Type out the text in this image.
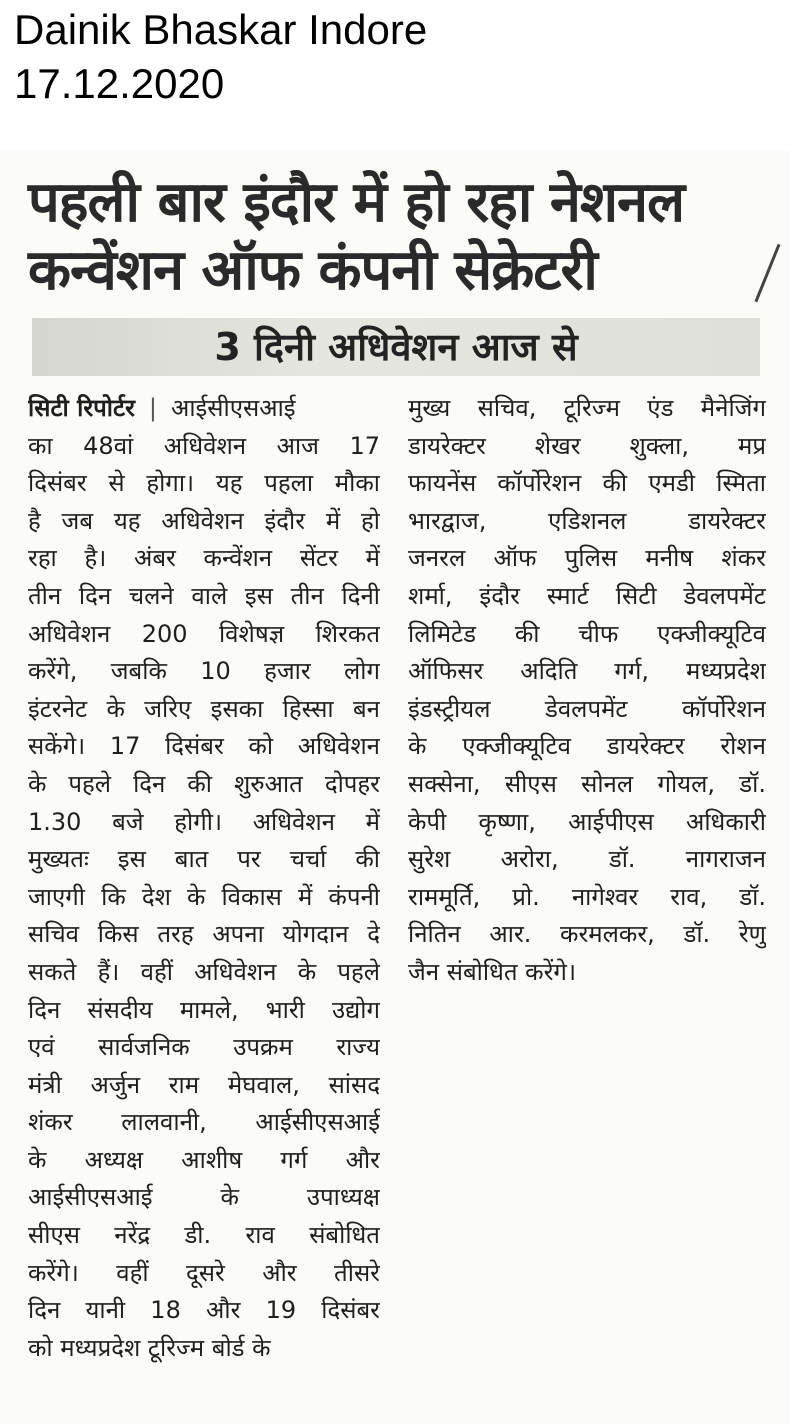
Dainik Bhaskar Indore
17.12.2020
पहली बार इंदौर में हो रहा नेशनल
कन्वेंशन ऑफ कंपनी सेक्रेटरी
3 दिनी अधिवेशन आज से
सिटी रिपोर्टर | आईसीएसआई
का 48वां अधिवेशन आज 17
दिसंबर से होगा। यह पहला मौका
है जब यह अधिवेशन इंदौर में हो
रहा है। अंबर कन्वेंशन सेंटर में
तीन दिन चलने वाले इस तीन दिनी
अधिवेशन 200 विशेषज्ञ शिरकत
करेंगे, जबकि 10 हजार लोग
इंटरनेट के जरिए इसका हिस्सा बन
सकेंगे। 17 दिसंबर को अधिवेशन
के पहले दिन की शुरुआत दोपहर
1.30 बजे होगी। अधिवेशन में
मुख्यतः इस बात पर चर्चा की
जाएगी कि देश के विकास में कंपनी
सचिव किस तरह अपना योगदान दे
सकते हैं। वहीं अधिवेशन के पहले
दिन संसदीय मामले, भारी उद्योग
एवं सार्वजनिक उपक्रम राज्य
मंत्री अर्जुन राम मेघवाल, सांसद
शंकर लालवानी, आईसीएसआई
के अध्यक्ष आशीष गर्ग और
आईसीएसआई के उपाध्यक्ष
सीएस नरेंद्र डी. राव संबोधित
करेंगे। वहीं दूसरे और तीसरे
दिन यानी 18 और 19 दिसंबर
को मध्यप्रदेश टूरिज्म बोर्ड के
मुख्य सचिव, टूरिज्म एंड मैनेजिंग
डायरेक्टर शेखर शुक्ला, मप्र
फायनेंस कॉर्पोरेशन की एमडी स्मिता
भारद्वाज, एडिशनल डायरेक्टर
जनरल ऑफ पुलिस मनीष शंकर
शर्मा, इंदौर स्मार्ट सिटी डेवलपमेंट
लिमिटेड की चीफ एक्जीक्यूटिव
ऑफिसर अदिति गर्ग, मध्यप्रदेश
इंडस्ट्रीयल डेवलपमेंट कॉर्पोरेशन
के एक्जीक्यूटिव डायरेक्टर रोशन
सक्सेना, सीएस सोनल गोयल, डॉ.
केपी कृष्णा, आईपीएस अधिकारी
सुरेश अरोरा, डॉ. नागराजन
राममूर्ति, प्रो. नागेश्वर राव, डॉ.
नितिन आर. करमलकर, डॉ. रेणु
जैन संबोधित करेंगे।
